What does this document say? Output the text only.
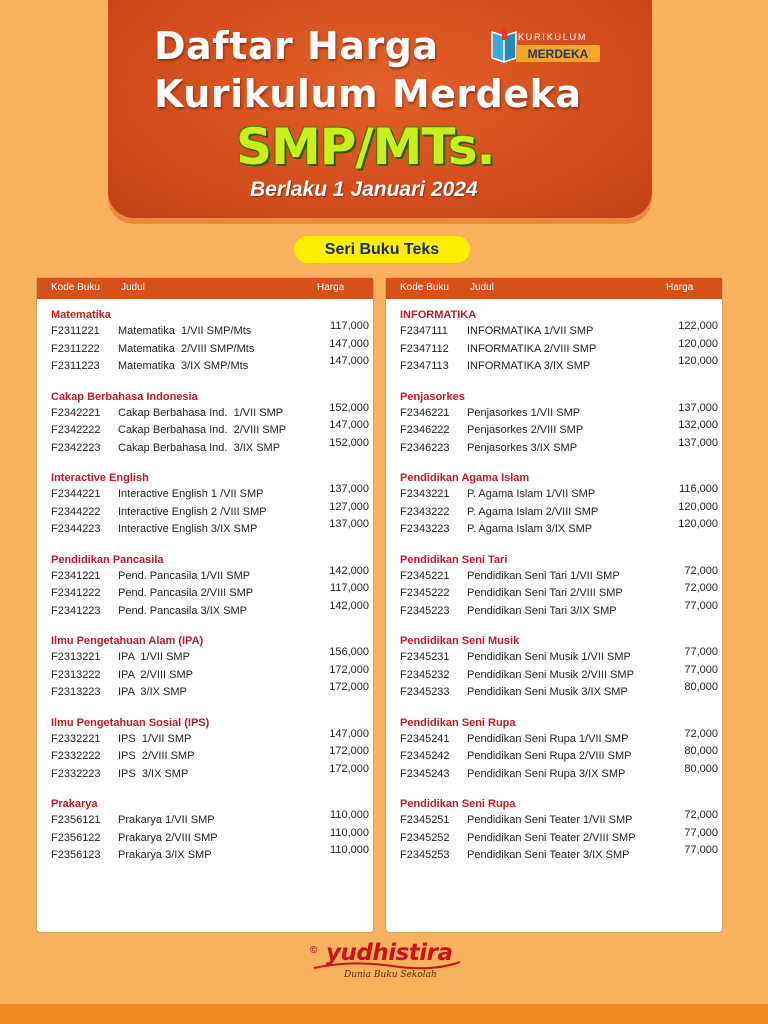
Daftar Harga
Kurikulum Merdeka
SMP/MTs.
Berlaku 1 Januari 2024
KURIKULUM
MERDEKA
Seri Buku Teks
Kode Buku Judul	Harga
Matematika
F2311221 Matematika  1/VII SMP/Mts	117,000
F2311222 Matematika  2/VIII SMP/Mts	147,000
F2311223 Matematika  3/IX SMP/Mts	147,000
Cakap Berbahasa Indonesia
F2342221 Cakap Berbahasa Ind.  1/VII SMP	152,000
F2342222 Cakap Berbahasa Ind.  2/VIII SMP	147,000
F2342223 Cakap Berbahasa Ind.  3/IX SMP	152,000
Interactive English
F2344221 Interactive English 1 /VII SMP	137,000
F2344222 Interactive English 2 /VIII SMP	127,000
F2344223 Interactive English 3/IX SMP	137,000
Pendidikan Pancasila
F2341221 Pend. Pancasila 1/VII SMP	142,000
F2341222 Pend. Pancasila 2/VIII SMP	117,000
F2341223 Pend. Pancasila 3/IX SMP	142,000
Ilmu Pengetahuan Alam (IPA)
F2313221 IPA  1/VII SMP	156,000
F2313222 IPA  2/VIII SMP	172,000
F2313223 IPA  3/IX SMP	172,000
Ilmu Pengetahuan Sosial (IPS)
F2332221 IPS  1/VII SMP	147,000
F2332222 IPS  2/VIII SMP	172,000
F2332223 IPS  3/IX SMP	172,000
Prakarya
F2356121 Prakarya 1/VII SMP	110,000
F2356122 Prakarya 2/VIII SMP	110,000
F2356123 Prakarya 3/IX SMP	110,000
Kode Buku Judul	Harga
INFORMATIKA
F2347111 INFORMATIKA 1/VII SMP	122,000
F2347112 INFORMATIKA 2/VIII SMP	120,000
F2347113 INFORMATIKA 3/IX SMP	120,000
Penjasorkes
F2346221 Penjasorkes 1/VII SMP	137,000
F2346222 Penjasorkes 2/VIII SMP	132,000
F2346223 Penjasorkes 3/IX SMP	137,000
Pendidikan Agama Islam
F2343221 P. Agama Islam 1/VII SMP	116,000
F2343222 P. Agama Islam 2/VIII SMP	120,000
F2343223 P. Agama Islam 3/IX SMP	120,000
Pendidikan Seni Tari
F2345221 Pendidikan Seni Tari 1/VII SMP	72,000
F2345222 Pendidikan Seni Tari 2/VIII SMP	72,000
F2345223 Pendidikan Seni Tari 3/IX SMP	77,000
Pendidikan Seni Musik
F2345231 Pendidikan Seni Musik 1/VII SMP	77,000
F2345232 Pendidikan Seni Musik 2/VIII SMP	77,000
F2345233 Pendidikan Seni Musik 3/IX SMP	80,000
Pendidikan Seni Rupa
F2345241 Pendidikan Seni Rupa 1/VII SMP	72,000
F2345242 Pendidikan Seni Rupa 2/VIII SMP	80,000
F2345243 Pendidikan Seni Rupa 3/IX SMP	80,000
Pendidikan Seni Rupa
F2345251 Pendidikan Seni Teater 1/VII SMP	72,000
F2345252 Pendidikan Seni Teater 2/VIII SMP	77,000
F2345253 Pendidikan Seni Teater 3/IX SMP	77,000
© yudhistira
Dunia Buku Sekolah
